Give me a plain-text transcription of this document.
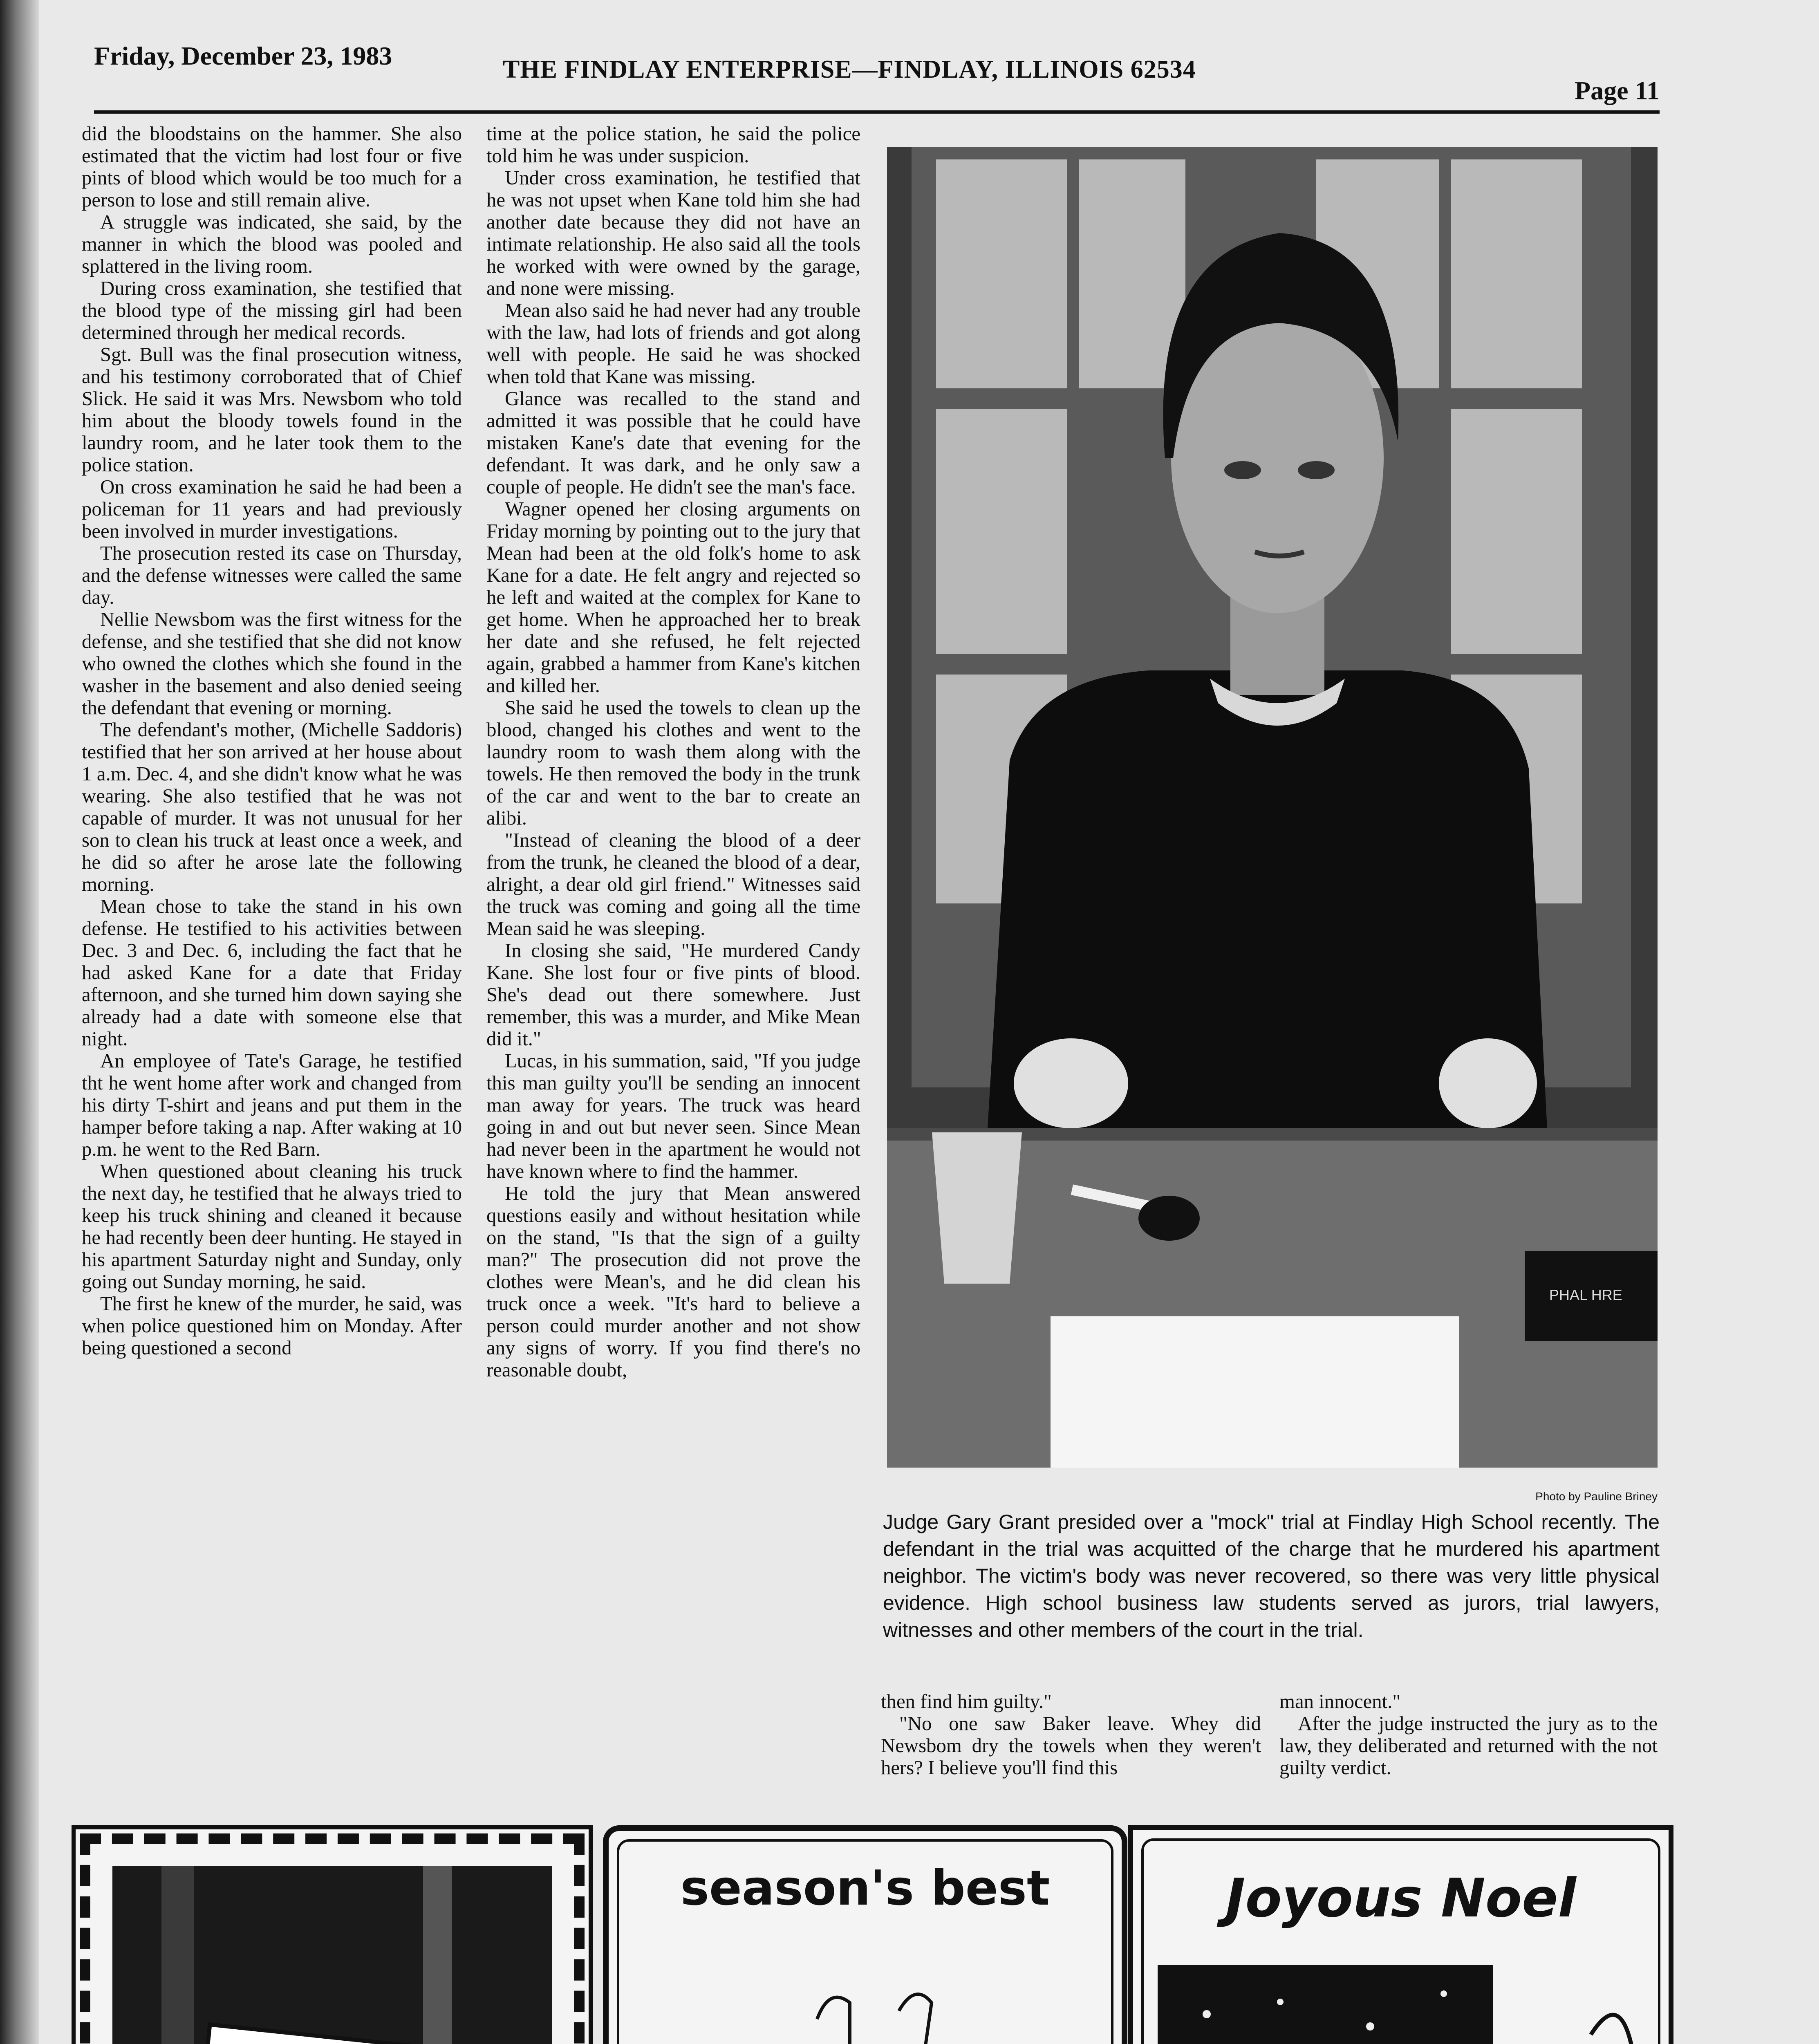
Friday, December 23, 1983	THE FINDLAY ENTERPRISE—FINDLAY, ILLINOIS 62534
Page 11

did the bloodstains on the hammer. She also estimated that the victim had lost four or five pints of blood which would be too much for a person to lose and still remain alive.

A struggle was indicated, she said, by the manner in which the blood was pooled and splattered in the living room.

During cross examination, she testified that the blood type of the missing girl had been determined through her medical records.

Sgt. Bull was the final prosecution witness, and his testimony corroborated that of Chief Slick. He said it was Mrs. Newsbom who told him about the bloody towels found in the laundry room, and he later took them to the police station.

On cross examination he said he had been a policeman for 11 years and had previously been involved in murder investigations.

The prosecution rested its case on Thursday, and the defense witnesses were called the same day.

Nellie Newsbom was the first witness for the defense, and she testified that she did not know who owned the clothes which she found in the washer in the basement and also denied seeing the defendant that evening or morning.

The defendant's mother, (Michelle Saddoris) testified that her son arrived at her house about 1 a.m. Dec. 4, and she didn't know what he was wearing. She also testified that he was not capable of murder. It was not unusual for her son to clean his truck at least once a week, and he did so after he arose late the following morning.

Mean chose to take the stand in his own defense. He testified to his activities between Dec. 3 and Dec. 6, including the fact that he had asked Kane for a date that Friday afternoon, and she turned him down saying she already had a date with someone else that night.

An employee of Tate's Garage, he testified tht he went home after work and changed from his dirty T-shirt and jeans and put them in the hamper before taking a nap. After waking at 10 p.m. he went to the Red Barn.

When questioned about cleaning his truck the next day, he testified that he always tried to keep his truck shining and cleaned it because he had recently been deer hunting. He stayed in his apartment Saturday night and Sunday, only going out Sunday morning, he said.

The first he knew of the murder, he said, was when police questioned him on Monday. After being questioned a second

time at the police station, he said the police told him he was under suspicion.

Under cross examination, he testified that he was not upset when Kane told him she had another date because they did not have an intimate relationship. He also said all the tools he worked with were owned by the garage, and none were missing.

Mean also said he had never had any trouble with the law, had lots of friends and got along well with people. He said he was shocked when told that Kane was missing.

Glance was recalled to the stand and admitted it was possible that he could have mistaken Kane's date that evening for the defendant. It was dark, and he only saw a couple of people. He didn't see the man's face.

Wagner opened her closing arguments on Friday morning by pointing out to the jury that Mean had been at the old folk's home to ask Kane for a date. He felt angry and rejected so he left and waited at the complex for Kane to get home. When he approached her to break her date and she refused, he felt rejected again, grabbed a hammer from Kane's kitchen and killed her.

She said he used the towels to clean up the blood, changed his clothes and went to the laundry room to wash them along with the towels. He then removed the body in the trunk of the car and went to the bar to create an alibi.

"Instead of cleaning the blood of a deer from the trunk, he cleaned the blood of a dear, alright, a dear old girl friend." Witnesses said the truck was coming and going all the time Mean said he was sleeping.

In closing she said, "He murdered Candy Kane. She lost four or five pints of blood. She's dead out there somewhere. Just remember, this was a murder, and Mike Mean did it."

Lucas, in his summation, said, "If you judge this man guilty you'll be sending an innocent man away for years. The truck was heard going in and out but never seen. Since Mean had never been in the apartment he would not have known where to find the hammer.

He told the jury that Mean answered questions easily and without hesitation while on the stand, "Is that the sign of a guilty man?" The prosecution did not prove the clothes were Mean's, and he did clean his truck once a week. "It's hard to believe a person could murder another and not show any signs of worry. If you find there's no reasonable doubt,

PHAL HRE
Photo by Pauline Briney
Judge Gary Grant presided over a "mock" trial at Findlay High School recently. The defendant in the trial was acquitted of the charge that he murdered his apartment neighbor. The victim's body was never recovered, so there was very little physical evidence. High school business law students served as jurors, trial lawyers, witnesses and other members of the court in the trial.

then find him guilty."

"No one saw Baker leave. Whey did Newsbom dry the towels when they weren't hers? I believe you'll find this

man innocent."

After the judge instructed the jury as to the law, they deliberated and returned with the not guilty verdict.

season's best	Joyous Noel
